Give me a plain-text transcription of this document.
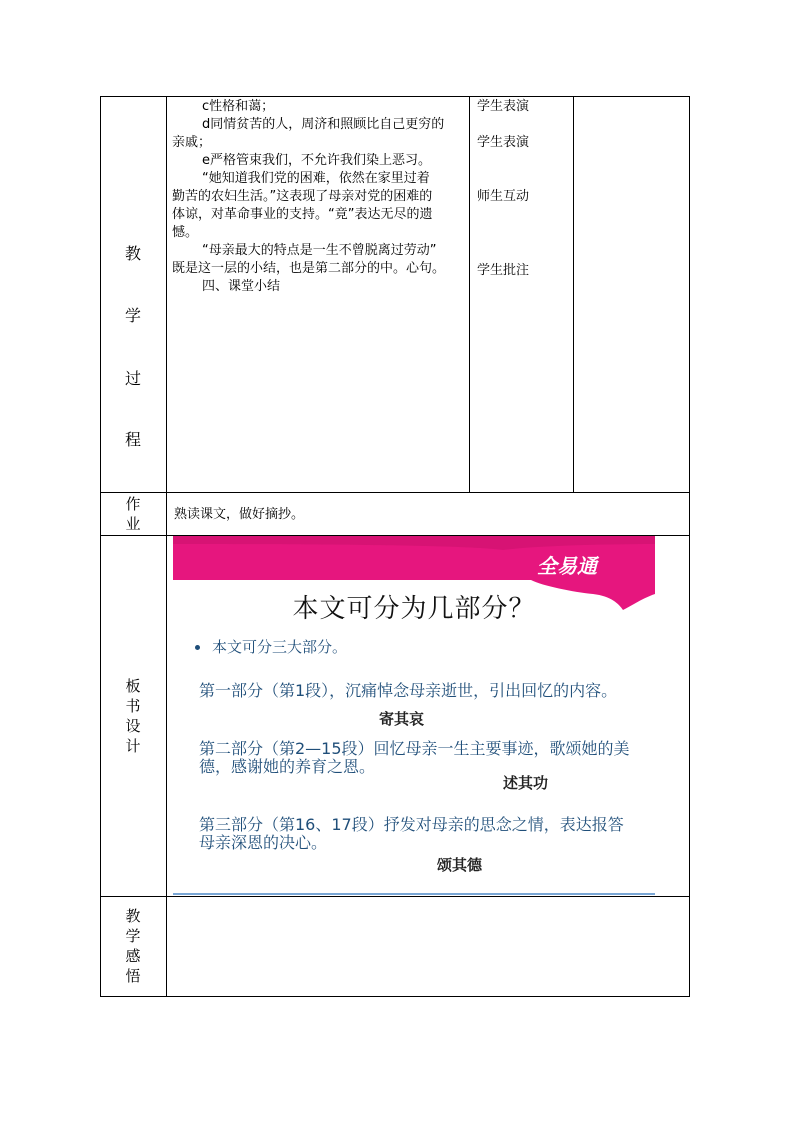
教
学
过
程
作
业
板
书
设
计
教
学
感
悟

c性格和蔼；

d同情贫苦的人，周济和照顾比自己更穷的

亲戚；

e严格管束我们，不允许我们染上恶习。

“她知道我们党的困难，依然在家里过着

勤苦的农妇生活。”这表现了母亲对党的困难的

体谅，对革命事业的支持。“竟”表达无尽的遗

憾。

“母亲最大的特点是一生不曾脱离过劳动”

既是这一层的小结，也是第二部分的中。心句。

四、课堂小结

学生表演
学生表演
师生互动
学生批注
熟读课文，做好摘抄。
全易通
本文可分为几部分？
本文可分三大部分。
第一部分（第1段），沉痛悼念母亲逝世，引出回忆的内容。
寄其哀
第二部分（第2—15段）回忆母亲一生主要事迹，歌颂她的美德，感谢她的养育之恩。
述其功
第三部分（第16、17段）抒发对母亲的思念之情，表达报答母亲深恩的决心。
颂其德
